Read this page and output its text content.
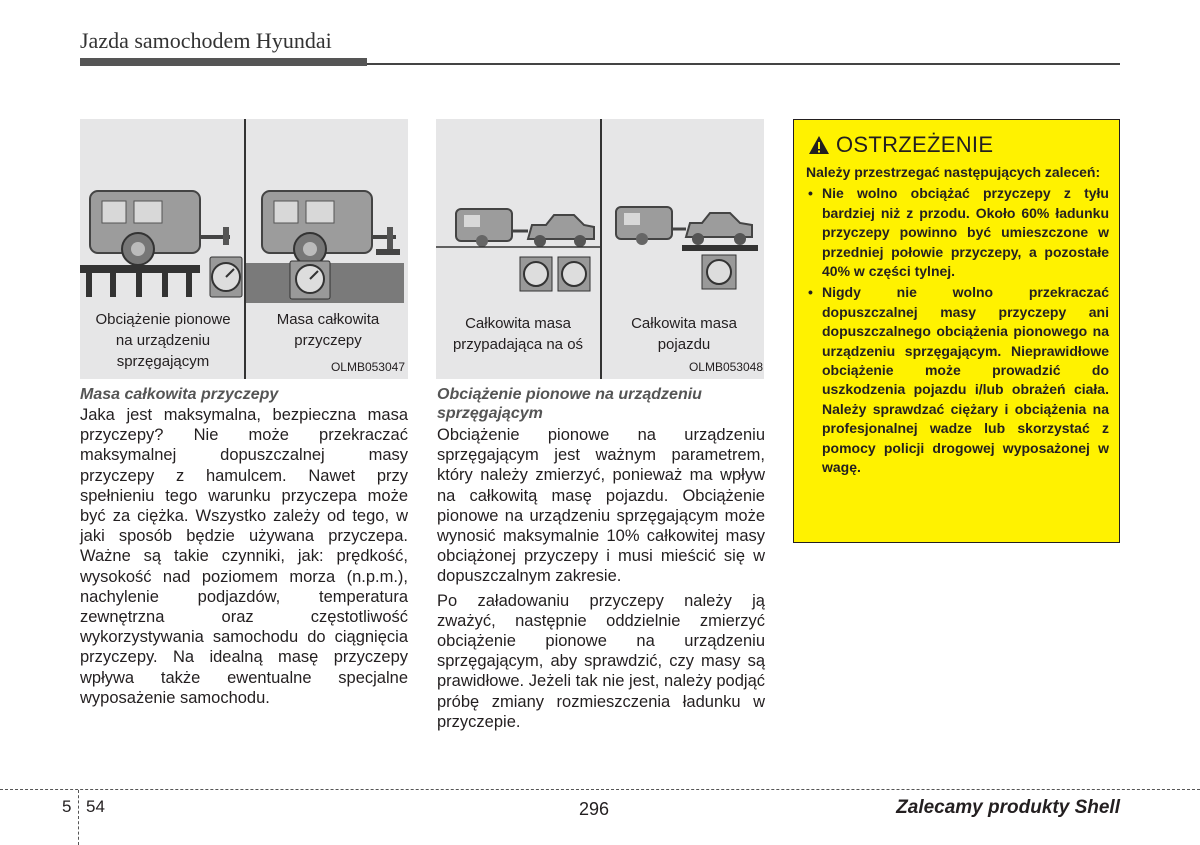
Jazda samochodem Hyundai
Obciążenie pionowe na urządzeniu sprzęgającym
Masa całkowita przyczepy
OLMB053047
Całkowita masa przypadająca na oś
Całkowita masa pojazdu
OLMB053048
Masa całkowita przyczepy
Jaka jest maksymalna, bezpieczna masa przyczepy? Nie może przekraczać maksymalnej dopuszczalnej masy przyczepy z hamulcem. Nawet przy spełnieniu tego warunku przyczepa może być za ciężka. Wszystko zależy od tego, w jaki sposób będzie używana przyczepa. Ważne są takie czynniki, jak: prędkość, wysokość nad poziomem morza (n.p.m.), nachylenie podjazdów, temperatura zewnętrzna oraz częstotliwość wykorzystywania samochodu do ciągnięcia przyczepy. Na idealną masę przyczepy wpływa także ewentualne specjalne wyposażenie samochodu.
Obciążenie pionowe na urządzeniu sprzęgającym

Obciążenie pionowe na urządzeniu sprzęgającym jest ważnym parametrem, który należy zmierzyć, ponieważ ma wpływ na całkowitą masę pojazdu. Obciążenie pionowe na urządzeniu sprzęgającym może wynosić maksymalnie 10% całkowitej masy obciążonej przyczepy i musi mieścić się w dopuszczalnym zakresie.

Po załadowaniu przyczepy należy ją zważyć, następnie oddzielnie zmierzyć obciążenie pionowe na urządzeniu sprzęgającym, aby sprawdzić, czy masy są prawidłowe. Jeżeli tak nie jest, należy podjąć próbę zmiany rozmieszczenia ładunku w przyczepie.

OSTRZEŻENIE
Należy przestrzegać następujących zaleceń:
• Nie wolno obciążać przyczepy z tyłu bardziej niż z przodu. Około 60% ładunku przyczepy powinno być umieszczone w przedniej połowie przyczepy, a pozostałe 40% w części tylnej.
• Nigdy nie wolno przekraczać dopuszczalnej masy przyczepy ani dopuszczalnego obciążenia pionowego na urządzeniu sprzęgającym. Nieprawidłowe obciążenie może prowadzić do uszkodzenia pojazdu i/lub obrażeń ciała. Należy sprawdzać ciężary i obciążenia na profesjonalnej wadze lub skorzystać z pomocy policji drogowej wyposażonej w wagę.
5 54	296	Zalecamy produkty Shell
